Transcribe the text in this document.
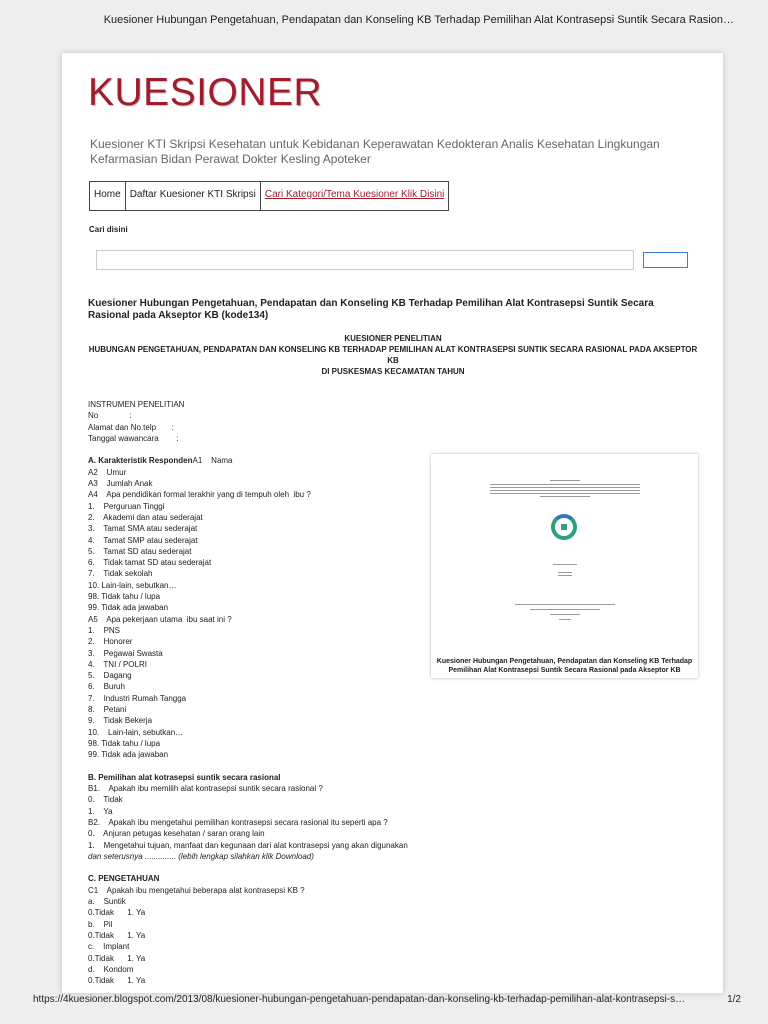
Kuesioner Hubungan Pengetahuan, Pendapatan dan Konseling KB Terhadap Pemilihan Alat Kontrasepsi Suntik Secara Rasion…
KUESIONER
Kuesioner KTI Skripsi Kesehatan untuk Kebidanan Keperawatan Kedokteran Analis Kesehatan Lingkungan Kefarmasian Bidan Perawat Dokter Kesling Apoteker
Home Daftar Kuesioner KTI Skripsi Cari Kategori/Tema Kuesioner Klik Disini
Cari disini
Kuesioner Hubungan Pengetahuan, Pendapatan dan Konseling KB Terhadap Pemilihan Alat Kontrasepsi Suntik Secara Rasional pada Akseptor KB (kode134)
KUESIONER PENELITIAN
HUBUNGAN PENGETAHUAN, PENDAPATAN DAN KONSELING KB TERHADAP PEMILIHAN ALAT KONTRASEPSI SUNTIK SECARA RASIONAL PADA AKSEPTOR KB
DI PUSKESMAS KECAMATAN TAHUN
INSTRUMEN PENELITIAN
No              :
Alamat dan No.telp       :
Tanggal wawancara        :
A. Karakteristik RespondenA1    Nama
A2    Umur
A3    Jumlah Anak
A4    Apa pendidikan formal terakhir yang di tempuh oleh  ibu ?
1.    Perguruan Tinggi
2.    Akademi dan atau sederajat
3.    Tamat SMA atau sederajat
4.    Tamat SMP atau sederajat
5.    Tamat SD atau sederajat
6.    Tidak tamat SD atau sederajat
7.    Tidak sekolah
10. Lain-lain, sebutkan…
98. Tidak tahu / lupa
99. Tidak ada jawaban
A5    Apa pekerjaan utama  ibu saat ini ?
1.    PNS
2.    Honorer
3.    Pegawai Swasta
4.    TNI / POLRI
5.    Dagang
6.    Buruh
7.    Industri Rumah Tangga
8.    Petani
9.    Tidak Bekerja
10.    Lain-lain, sebutkan…
98. Tidak tahu / lupa
99. Tidak ada jawaban
B. Pemilihan alat kotrasepsi suntik secara rasional
B1.    Apakah ibu memilih alat kontrasepsi suntik secara rasional ?
0.    Tidak
1.    Ya
B2.    Apakah ibu mengetahui pemilihan kontrasepsi secara rasional itu seperti apa ?
0.    Anjuran petugas kesehatan / saran orang lain
1.    Mengetahui tujuan, manfaat dan kegunaan dari alat kontrasepsi yang akan digunakan
dan seterusnya .............. (lebih lengkap silahkan klik Download)
C. PENGETAHUAN
C1    Apakah ibu mengetahui beberapa alat kontrasepsi KB ?
a.    Suntik
0.Tidak      1. Ya
b.    Pil
0.Tidak      1. Ya
c.    Implant
0.Tidak      1. Ya
d.    Kondom
0.Tidak      1. Ya
Kuesioner Hubungan Pengetahuan, Pendapatan dan Konseling KB Terhadap Pemilihan Alat Kontrasepsi Suntik Secara Rasional pada Akseptor KB
https://4kuesioner.blogspot.com/2013/08/kuesioner-hubungan-pengetahuan-pendapatan-dan-konseling-kb-terhadap-pemilihan-alat-kontrasepsi-s…	1/2
